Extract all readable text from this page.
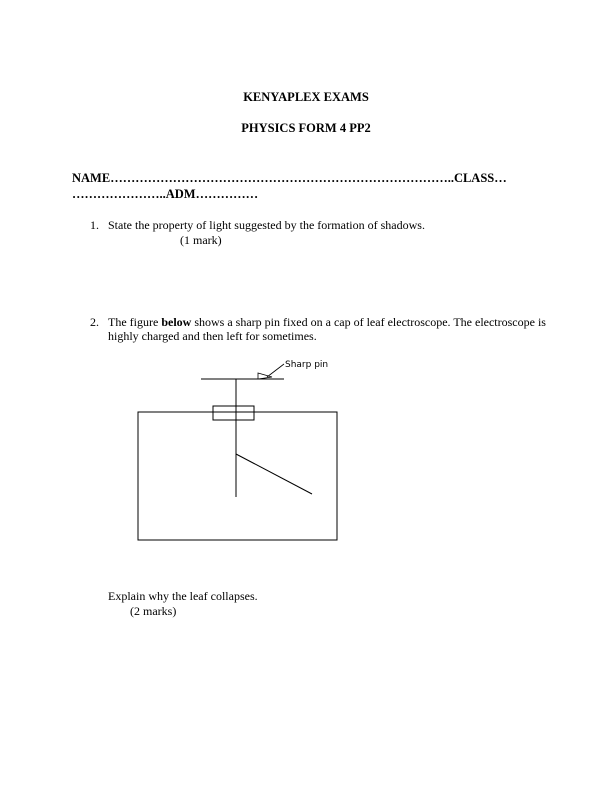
KENYAPLEX EXAMS
PHYSICS FORM 4 PP2
NAME………………………………………………………………………..CLASS…
…………………..ADM……………
1. State the property of light suggested by the formation of shadows.
(1 mark)
2. The figure below shows a sharp pin fixed on a cap of leaf electroscope. The electroscope is highly charged and then left for sometimes.
Sharp pin
Explain why the leaf collapses.
(2 marks)
